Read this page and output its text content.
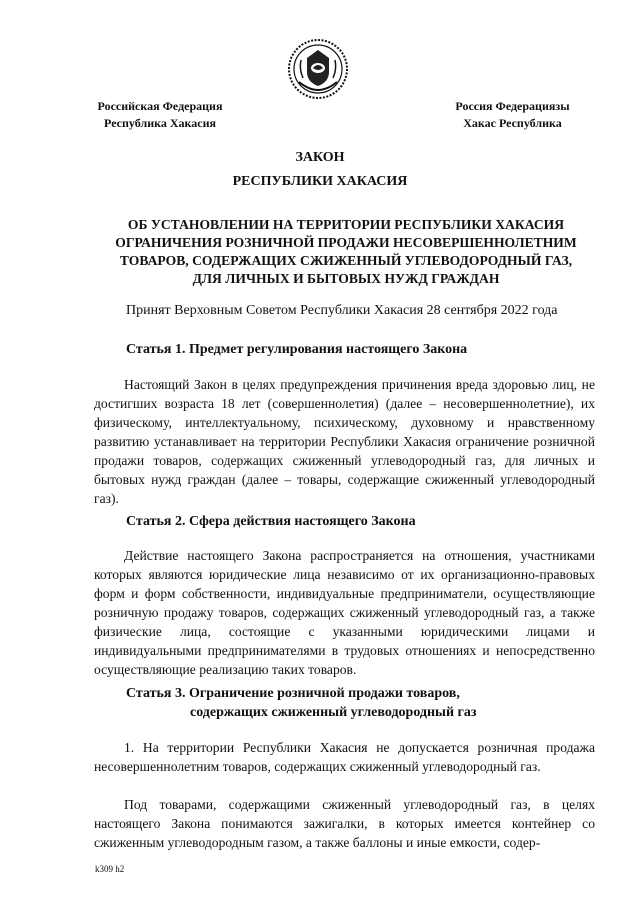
Российская Федерация
Республика Хакасия
Россия Федерациязы
Хакас Республика
ЗАКОН
РЕСПУБЛИКИ ХАКАСИЯ
ОБ УСТАНОВЛЕНИИ НА ТЕРРИТОРИИ РЕСПУБЛИКИ ХАКАСИЯ
ОГРАНИЧЕНИЯ РОЗНИЧНОЙ ПРОДАЖИ НЕСОВЕРШЕННОЛЕТНИМ
ТОВАРОВ, СОДЕРЖАЩИХ СЖИЖЕННЫЙ УГЛЕВОДОРОДНЫЙ ГАЗ,
ДЛЯ ЛИЧНЫХ И БЫТОВЫХ НУЖД ГРАЖДАН
Принят Верховным Советом Республики Хакасия 28 сентября 2022 года
Статья 1. Предмет регулирования настоящего Закона
Настоящий Закон в целях предупреждения причинения вреда здоровью лиц, не достигших возраста 18 лет (совершеннолетия) (далее – несовершеннолетние), их физическому, интеллектуальному, психическому, духовному и нравственному развитию устанавливает на территории Республики Хакасия ограничение розничной продажи товаров, содержащих сжиженный углеводородный газ, для личных и бытовых нужд граждан (далее – товары, содержащие сжиженный углеводородный газ).
Статья 2. Сфера действия настоящего Закона
Действие настоящего Закона распространяется на отношения, участниками которых являются юридические лица независимо от их организационно-правовых форм и форм собственности, индивидуальные предприниматели, осуществляющие розничную продажу товаров, содержащих сжиженный углеводородный газ, а также физические лица, состоящие с указанными юридическими лицами и индивидуальными предпринимателями в трудовых отношениях и непосредственно осуществляющие реализацию таких товаров.
Статья 3. Ограничение розничной продажи товаров,
содержащих сжиженный углеводородный газ
1. На территории Республики Хакасия не допускается розничная продажа несовершеннолетним товаров, содержащих сжиженный углеводородный газ.
Под товарами, содержащими сжиженный углеводородный газ, в целях настоящего Закона понимаются зажигалки, в которых имеется контейнер со сжиженным углеводородным газом, а также баллоны и иные емкости, содер-
k309 h2
